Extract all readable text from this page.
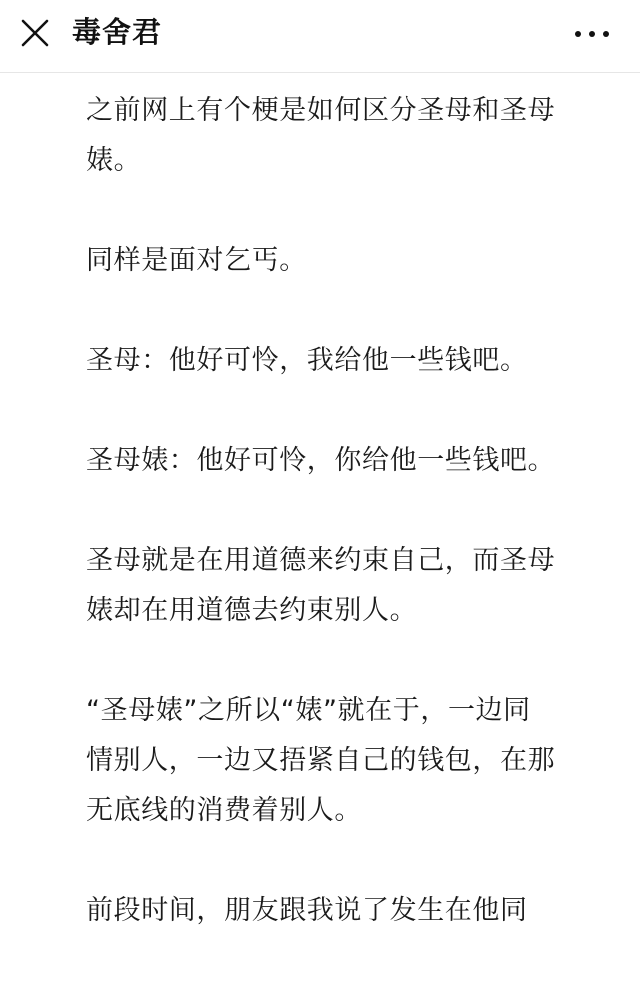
毒舍君

之前网上有个梗是如何区分圣母和圣母婊。

同样是面对乞丐。

圣母：他好可怜，我给他一些钱吧。

圣母婊：他好可怜，你给他一些钱吧。

圣母就是在用道德来约束自己，而圣母婊却在用道德去约束别人。

“圣母婊”之所以“婊”就在于，一边同情别人，一边又捂紧自己的钱包，在那无底线的消费着别人。

前段时间，朋友跟我说了发生在他同
